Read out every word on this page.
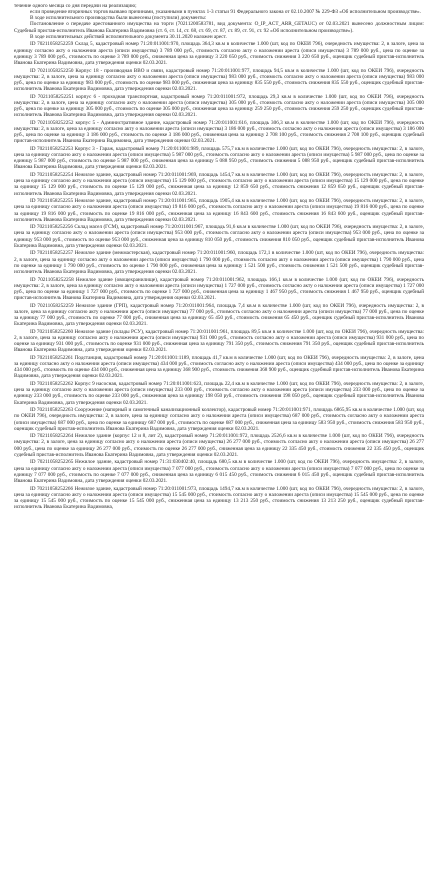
течение одного месяца со дня передачи на реализацию;

если проведение вторичных торгов вызвано причинами, указанными в пунктах 1-3 статьи 91 Федерального закона от 02.10.2007 № 229-ФЗ «Об исполнительном производстве».

В ходе исполнительного производства были вынесены (поступили) документы:

Постановление о передаче арестованного имущества на торги (70211200583781, вид документа: O_IP_ACT_ARR_GETAUC) от 02.03.2021 вынесено должностным лицом: Судебный пристав-исполнитель Иванова Екатерина Вадимовна (ст. 6, ст. 14, ст. 68, ст. 69, ст. 87, ст. 89, ст. 91, ст. 92 «Об исполнительном производстве»).

В ходе исполнительных действий исполнительного документа 30.11.2020 наложен арест.

ID 70211058252259 Склад 5, кадастровый номер 71:20:011001:970, площадь 364,3 кв.м в количестве 1.000 (шт, код по ОКЕИ 796), очередность имущества: 2, в залоге, цена за единицу согласно акту о наложении ареста (описи имущества) 3 789 000 руб., стоимость согласно акту о наложении ареста (описи имущества) 3 789 000 руб., цена по оценке за единицу 3 789 000 руб., стоимость по оценке 3 789 000 руб., сниженная цена за единицу 3 220 650 руб., стоимость снижения 3 220 650 руб., оценщик судебный пристав-исполнитель Иванова Екатерина Вадимовна, дата утверждения оценки 02.03.2021.

ID 70211058252250 Корпус 18 - производная ВВО и связи, кадастровый номер 71:20:011001:977, площадь 94,5 кв.м в количестве 1.000 (шт, код по ОКЕИ 796), очередность имущества: 2, в залоге, цена за единицу согласно акту о наложении ареста (описи имущества) 983 000 руб., стоимость согласно акту о наложении ареста (описи имущества) 983 000 руб., цена по оценке за единицу 983 000 руб., стоимость по оценке 983 000 руб., сниженная цена за единицу 835 550 руб., стоимость снижения 835 550 руб., оценщик судебный пристав-исполнитель Иванова Екатерина Вадимовна, дата утверждения оценки 02.03.2021.

ID 70211058252251 корпус 6 - проходная транспортная, кадастровый номер 71:20:011001:972, площадь 29,3 кв.м в количестве 1.000 (шт, код по ОКЕИ 796), очередность имущества: 2, в залоге, цена за единицу согласно акту о наложении ареста (описи имущества) 305 000 руб., стоимость согласно акту о наложении ареста (описи имущества) 305 000 руб., цена по оценке за единицу 305 000 руб., стоимость по оценке 305 000 руб., сниженная цена за единицу 259 250 руб., стоимость снижения 259 250 руб., оценщик судебный пристав-исполнитель Иванова Екатерина Вадимовна, дата утверждения оценки 02.03.2021.

ID 70211058252252 корпус 5 - Административное здание, кадастровый номер 71:20:011001:616, площадь 306,3 кв.м в количестве 1.000 (шт, код по ОКЕИ 796), очередность имущества: 2, в залоге, цена за единицу согласно акту о наложении ареста (описи имущества) 3 186 000 руб., стоимость согласно акту о наложении ареста (описи имущества) 3 186 000 руб., цена по оценке за единицу 3 186 000 руб., стоимость по оценке 3 186 000 руб., сниженная цена за единицу 2 708 100 руб., стоимость снижения 2 708 100 руб., оценщик судебный пристав-исполнитель Иванова Екатерина Вадимовна, дата утверждения оценки 02.03.2021.

ID 70211058252253 Корпус 3 - Гараж, кадастровый номер 71:20:011001:989, площадь 575,7 кв.м в количестве 1.000 (шт, код по ОКЕИ 796), очередность имущества: 2, в залоге, цена за единицу согласно акту о наложении ареста (описи имущества) 5 987 000 руб., стоимость согласно акту о наложении ареста (описи имущества) 5 987 000 руб., цена по оценке за единицу 5 987 000 руб., стоимость по оценке 5 987 000 руб., сниженная цена за единицу 5 088 950 руб., стоимость снижения 5 088 950 руб., оценщик судебный пристав-исполнитель Иванова Екатерина Вадимовна, дата утверждения оценки 02.03.2021.

ID 70211058252254 Нежилое здание, кадастровый номер 71:20:011001:969, площадь 1454,7 кв.м в количестве 1.000 (шт, код по ОКЕИ 796), очередность имущества: 2, в залоге, цена за единицу согласно акту о наложении ареста (описи имущества) 15 129 000 руб., стоимость согласно акту о наложении ареста (описи имущества) 15 129 000 руб., цена по оценке за единицу 15 129 000 руб., стоимость по оценке 15 129 000 руб., сниженная цена за единицу 12 859 650 руб., стоимость снижения 12 859 650 руб., оценщик судебный пристав-исполнитель Иванова Екатерина Вадимовна, дата утверждения оценки 02.03.2021.

ID 70211058252255 Нежилое здание, кадастровый номер 71:20:011001:965, площадь 1905,4 кв.м в количестве 1.000 (шт, код по ОКЕИ 796), очередность имущества: 2, в залоге, цена за единицу согласно акту о наложении ареста (описи имущества) 19 816 000 руб., стоимость согласно акту о наложении ареста (описи имущества) 19 816 000 руб., цена по оценке за единицу 19 816 000 руб., стоимость по оценке 19 816 000 руб., сниженная цена за единицу 16 843 600 руб., стоимость снижения 16 843 600 руб., оценщик судебный пристав-исполнитель Иванова Екатерина Вадимовна, дата утверждения оценки 02.03.2021.

ID 70211058252256 Склад масел (ГСМ), кадастровый номер 71:20:011001:967, площадь 91,6 кв.м в количестве 1.000 (шт, код по ОКЕИ 796), очередность имущества: 2, в залоге, цена за единицу согласно акту о наложении ареста (описи имущества) 953 000 руб., стоимость согласно акту о наложении ареста (описи имущества) 953 000 руб., цена по оценке за единицу 953 000 руб., стоимость по оценке 953 000 руб., сниженная цена за единицу 810 050 руб., стоимость снижения 810 050 руб., оценщик судебный пристав-исполнитель Иванова Екатерина Вадимовна, дата утверждения оценки 02.03.2021.

ID 70211058252257 Нежилое здание (межмастерская), кадастровый номер 71:20:011001:960, площадь 172,1 в количестве 1.000 (шт, код по ОКЕИ 796), очередность имущества: 2, в залоге, цена за единицу согласно акту о наложении ареста (описи имущества) 1 790 000 руб., стоимость согласно акту о наложении ареста (описи имущества) 1 790 000 руб., цена по оценке за единицу 1 790 000 руб., стоимость по оценке 1 790 000 руб., сниженная цена за единицу 1 521 500 руб., стоимость снижения 1 521 500 руб., оценщик судебный пристав-исполнитель Иванова Екатерина Вадимовна, дата утверждения оценки 02.03.2021.

ID 70211058252258 Нежилое здание (овощехранилище), кадастровый номер 71:20:011001:962, площадь 166,1 кв.м в количестве 1.000 (шт, код по ОКЕИ 796), очередность имущества: 2, в залоге, цена за единицу согласно акту о наложении ареста (описи имущества) 1 727 000 руб., стоимость согласно акту о наложении ареста (описи имущества) 1 727 000 руб., цена по оценке за единицу 1 727 000 руб., стоимость по оценке 1 727 000 руб., сниженная цена за единицу 1 467 950 руб., стоимость снижения 1 467 950 руб., оценщик судебный пристав-исполнитель Иванова Екатерина Вадимовна, дата утверждения оценки 02.03.2021.

ID 70211058252259 Нежилое здание (ГРП), кадастровый номер 71:20:011001:964, площадь 7,4 кв.м в количестве 1.000 (шт, код по ОКЕИ 796), очередность имущества: 2, в залоге, цена за единицу согласно акту о наложении ареста (описи имущества) 77 000 руб., стоимость согласно акту о наложении ареста (описи имущества) 77 000 руб., цена по оценке за единицу 77 000 руб., стоимость по оценке 77 000 руб., сниженная цена за единицу 65 450 руб., стоимость снижения 65 450 руб., оценщик судебный пристав-исполнитель Иванова Екатерина Вадимовна, дата утверждения оценки 02.03.2021.

ID 70211058252260 Нежилое здание (склады РСУ), кадастровый номер 71:20:011001:961, площадь 89,5 кв.м в количестве 1.000 (шт, код по ОКЕИ 796), очередность имущества: 2, в залоге, цена за единицу согласно акту о наложении ареста (описи имущества) 931 000 руб., стоимость согласно акту о наложении ареста (описи имущества) 931 000 руб., цена по оценке за единицу 931 000 руб., стоимость по оценке 931 000 руб., сниженная цена за единицу 791 350 руб., стоимость снижения 791 350 руб., оценщик судебный пристав-исполнитель Иванова Екатерина Вадимовна, дата утверждения оценки 02.03.2021.

ID 70211058252261 Подстанция, кадастровый номер 71:20:011001:1189, площадь 41,7 кв.м в количестве 1.000 (шт, код по ОКЕИ 796), очередность имущества: 2, в залоге, цена за единицу согласно акту о наложении ареста (описи имущества) 434 000 руб., стоимость согласно акту о наложении ареста (описи имущества) 434 000 руб., цена по оценке за единицу 434 000 руб., стоимость по оценке 434 000 руб., сниженная цена за единицу 368 900 руб., стоимость снижения 368 900 руб., оценщик судебный пристав-исполнитель Иванова Екатерина Вадимовна, дата утверждения оценки 02.03.2021.

ID 70211058252262 Корпус 9 насосная, кадастровый номер 71:20:011001:623, площадь 22,4 кв.м в количестве 1.000 (шт, код по ОКЕИ 796), очередность имущества: 2, в залоге, цена за единицу согласно акту о наложении ареста (описи имущества) 233 000 руб., стоимость согласно акту о наложении ареста (описи имущества) 233 000 руб., цена по оценке за единицу 233 000 руб., стоимость по оценке 233 000 руб., сниженная цена за единицу 198 050 руб., стоимость снижения 198 050 руб., оценщик судебный пристав-исполнитель Иванова Екатерина Вадимовна, дата утверждения оценки 02.03.2021.

ID 70211058252263 Сооружение (напорный и самотечный канализационный коллектор), кадастровый номер 71:20:011001:971, площадь 6865,95 кв.м в количестве 1.000 (шт, код по ОКЕИ 796), очередность имущества: 2, в залоге, цена за единицу согласно акту о наложении ареста (описи имущества) 687 000 руб., стоимость согласно акту о наложении ареста (описи имущества) 687 000 руб., цена по оценке за единицу 687 000 руб., стоимость по оценке 687 000 руб., сниженная цена за единицу 583 950 руб., стоимость снижения 583 950 руб., оценщик судебный пристав-исполнитель Иванова Екатерина Вадимовна, дата утверждения оценки 02.03.2021.

ID 70211058252264 Нежилое здание (корпус 12 и 8, лит 2), кадастровый номер 71:20:011001:972, площадь 2526,6 кв.м в количестве 1.000 (шт, код по ОКЕИ 796), очередность имущества: 2, в залоге, цена за единицу согласно акту о наложении ареста (описи имущества) 26 277 000 руб., стоимость согласно акту о наложении ареста (описи имущества) 26 277 000 руб., цена по оценке за единицу 26 277 000 руб., стоимость по оценке 26 277 000 руб., сниженная цена за единицу 22 335 450 руб., стоимость снижения 22 335 450 руб., оценщик судебный пристав-исполнитель Иванова Екатерина Вадимовна, дата утверждения оценки 02.03.2021.

ID 70211058252265 Нежилое здание, кадастровый номер 71:31:030402:40, площадь 680,5 кв.м в количестве 1.000 (шт, код по ОКЕИ 796), очередность имущества: 2, в залоге, цена за единицу согласно акту о наложении ареста (описи имущества) 7 077 000 руб., стоимость согласно акту о наложении ареста (описи имущества) 7 077 000 руб., цена по оценке за единицу 7 077 000 руб., стоимость по оценке 7 077 000 руб., сниженная цена за единицу 6 015 450 руб., стоимость снижения 6 015 450 руб., оценщик судебный пристав-исполнитель Иванова Екатерина Вадимовна, дата утверждения оценки 02.03.2021.

ID 70211058252266 Нежилое здание, кадастровый номер 71:20:011001:973, площадь 1494,7 кв.м в количестве 1.000 (шт, код по ОКЕИ 796), очередность имущества: 2, в залоге, цена за единицу согласно акту о наложении ареста (описи имущества) 15 545 000 руб., стоимость согласно акту о наложении ареста (описи имущества) 15 545 000 руб., цена по оценке за единицу 15 545 000 руб., стоимость по оценке 15 545 000 руб., сниженная цена за единицу 13 213 250 руб., стоимость снижения 13 213 250 руб., оценщик судебный пристав-исполнитель Иванова Екатерина Вадимовна,
